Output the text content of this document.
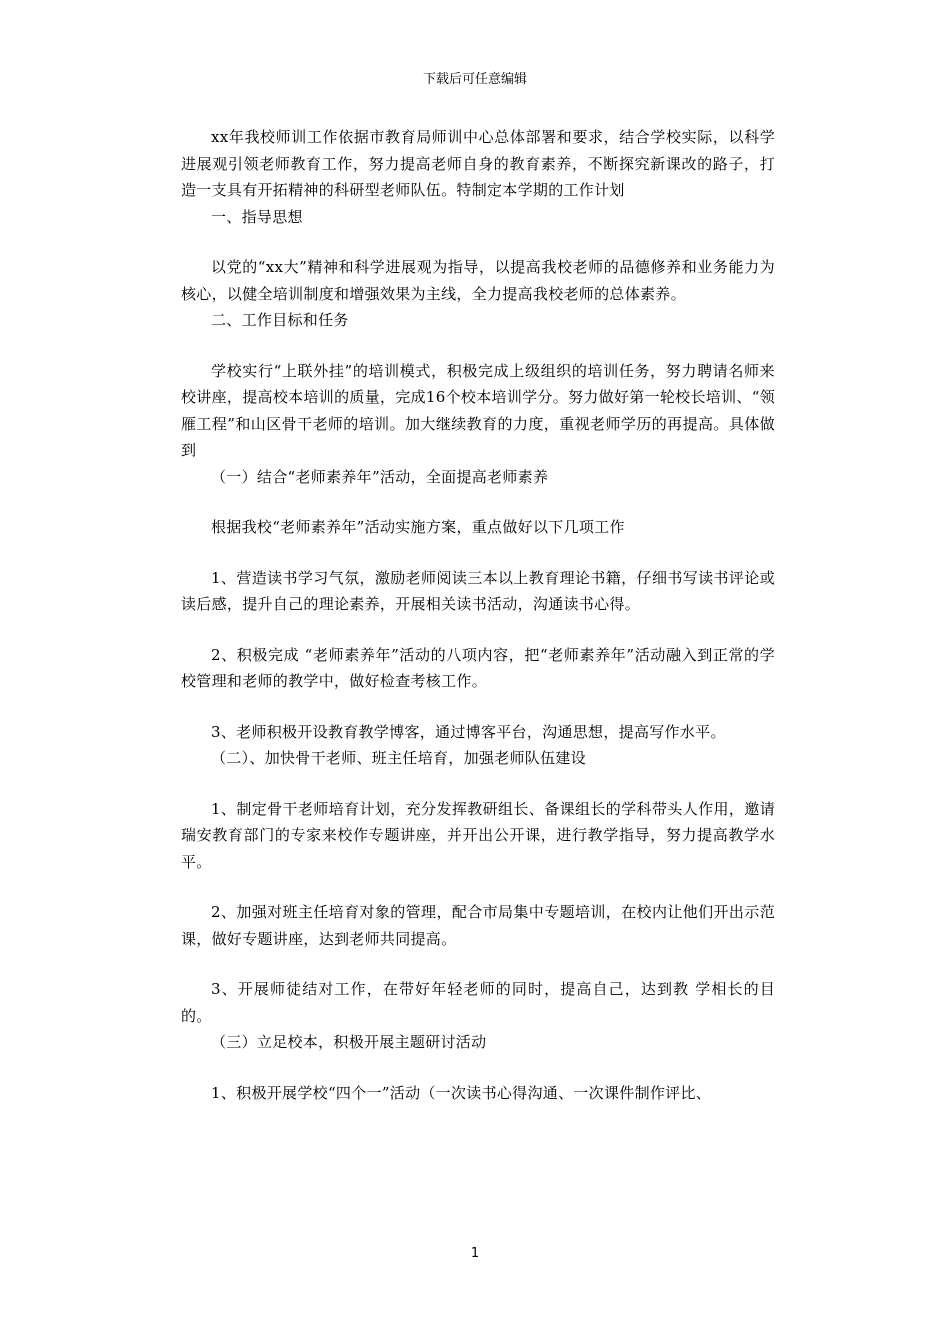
下载后可任意编辑

xx年我校师训工作依据市教育局师训中心总体部署和要求，结合学校实际，以科学进展观引领老师教育工作，努力提高老师自身的教育素养，不断探究新课改的路子，打造一支具有开拓精神的科研型老师队伍。特制定本学期的工作计划

一、指导思想

以党的“xx大”精神和科学进展观为指导，以提高我校老师的品德修养和业务能力为核心，以健全培训制度和增强效果为主线，全力提高我校老师的总体素养。

二、工作目标和任务

学校实行“上联外挂”的培训模式，积极完成上级组织的培训任务，努力聘请名师来校讲座，提高校本培训的质量，完成16个校本培训学分。努力做好第一轮校长培训、“领雁工程”和山区骨干老师的培训。加大继续教育的力度，重视老师学历的再提高。具体做到

（一）结合“老师素养年”活动，全面提高老师素养

根据我校“老师素养年”活动实施方案，重点做好以下几项工作

1、营造读书学习气氛，激励老师阅读三本以上教育理论书籍，仔细书写读书评论或读后感，提升自己的理论素养，开展相关读书活动，沟通读书心得。

2、积极完成 “老师素养年”活动的八项内容，把“老师素养年”活动融入到正常的学校管理和老师的教学中，做好检查考核工作。

3、老师积极开设教育教学博客，通过博客平台，沟通思想，提高写作水平。

（二）、加快骨干老师、班主任培育，加强老师队伍建设

1、制定骨干老师培育计划，充分发挥教研组长、备课组长的学科带头人作用，邀请瑞安教育部门的专家来校作专题讲座，并开出公开课，进行教学指导，努力提高教学水平。

2、加强对班主任培育对象的管理，配合市局集中专题培训，在校内让他们开出示范课，做好专题讲座，达到老师共同提高。

3、开展师徒结对工作，在带好年轻老师的同时，提高自己，达到教 学相长的目的。

（三）立足校本，积极开展主题研讨活动

1、积极开展学校“四个一”活动（一次读书心得沟通、一次课件制作评比、

1
